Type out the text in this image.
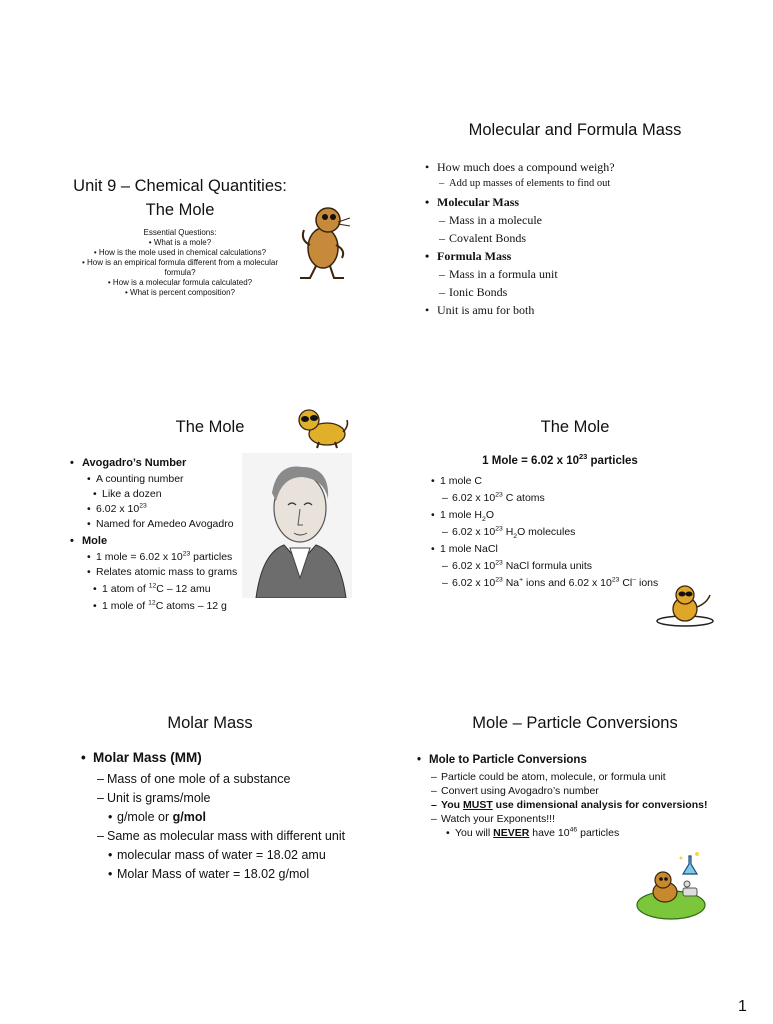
Unit 9 – Chemical Quantities: The Mole
Essential Questions:
• What is a mole?
• How is the mole used in chemical calculations?
• How is an empirical formula different from a molecular formula?
• How is a molecular formula calculated?
• What is percent composition?
Molecular and Formula Mass
• How much does a compound weigh?
– Add up masses of elements to find out
• Molecular Mass
– Mass in a molecule
– Covalent Bonds
• Formula Mass
– Mass in a formula unit
– Ionic Bonds
• Unit is amu for both
The Mole
• Avogadro’s Number
• A counting number
• Like a dozen
• 6.02 x $10^{23}$
• Named for Amedeo Avogadro
• Mole
• 1 mole = 6.02 x $10^{23}$ particles
• Relates atomic mass to grams
• 1 atom of $^{12}$C – 12 amu
• 1 mole of $^{12}$C atoms – 12 g
The Mole
1 Mole = 6.02 x $10^{23}$ particles
• 1 mole C
– 6.02 x $10^{23}$ C atoms
• 1 mole $H_2O$
– 6.02 x $10^{23}$ $H_2O$ molecules
• 1 mole NaCl
– 6.02 x $10^{23}$ NaCl formula units
– 6.02 x $10^{23}$ Na+ ions and 6.02 x $10^{23}$ Cl– ions
Molar Mass
• Molar Mass (MM)
– Mass of one mole of a substance
– Unit is grams/mole
• g/mole or g/mol
– Same as molecular mass with different unit
• molecular mass of water = 18.02 amu
• Molar Mass of water = 18.02 g/mol
Mole – Particle Conversions
• Mole to Particle Conversions
– Particle could be atom, molecule, or formula unit
– Convert using Avogadro’s number
– You MUST use dimensional analysis for conversions!
– Watch your Exponents!!!
• You will NEVER have $10^{46}$ particles
1
